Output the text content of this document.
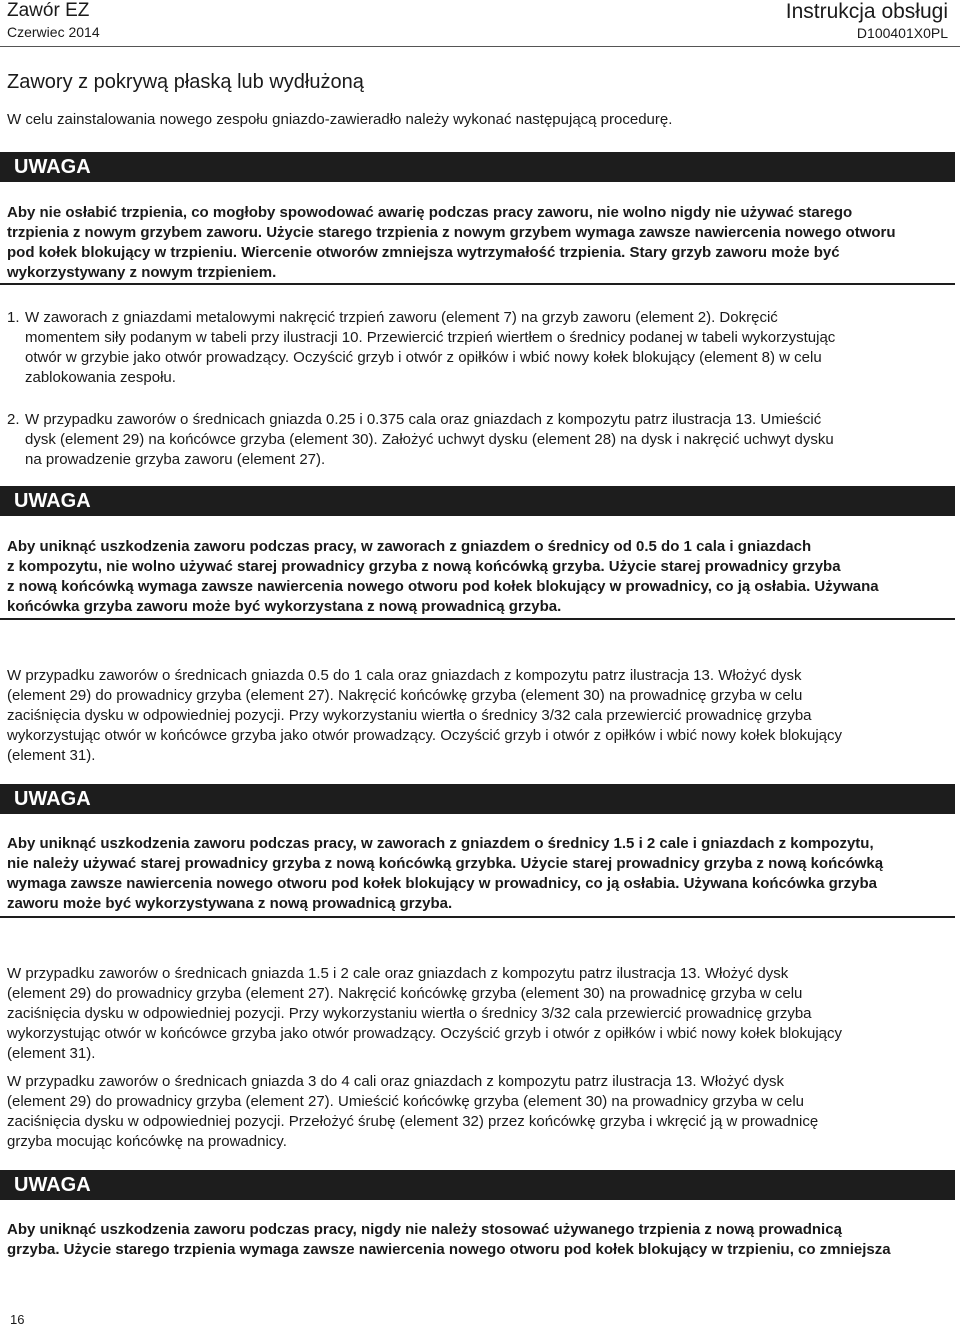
Zawór EZ
Czerwiec 2014
Instrukcja obsługi
D100401X0PL
Zawory z pokrywą płaską lub wydłużoną
W celu zainstalowania nowego zespołu gniazdo-zawieradło należy wykonać następującą procedurę.
UWAGA
Aby nie osłabić trzpienia, co mogłoby spowodować awarię podczas pracy zaworu, nie wolno nigdy nie używać starego
trzpienia z nowym grzybem zaworu. Użycie starego trzpienia z nowym grzybem wymaga zawsze nawiercenia nowego otworu
pod kołek blokujący w trzpieniu. Wiercenie otworów zmniejsza wytrzymałość trzpienia. Stary grzyb zaworu może być
wykorzystywany z nowym trzpieniem.
1. W zaworach z gniazdami metalowymi nakręcić trzpień zaworu (element 7) na grzyb zaworu (element 2). Dokręcić
momentem siły podanym w tabeli przy ilustracji 10. Przewiercić trzpień wiertłem o średnicy podanej w tabeli wykorzystując
otwór w grzybie jako otwór prowadzący. Oczyścić grzyb i otwór z opiłków i wbić nowy kołek blokujący (element 8) w celu
zablokowania zespołu.
2. W przypadku zaworów o średnicach gniazda 0.25 i 0.375 cala oraz gniazdach z kompozytu patrz ilustracja 13. Umieścić
dysk (element 29) na końcówce grzyba (element 30). Założyć uchwyt dysku (element 28) na dysk i nakręcić uchwyt dysku
na prowadzenie grzyba zaworu (element 27).
UWAGA
Aby uniknąć uszkodzenia zaworu podczas pracy, w zaworach z gniazdem o średnicy od 0.5 do 1 cala i gniazdach
z kompozytu, nie wolno używać starej prowadnicy grzyba z nową końcówką grzyba. Użycie starej prowadnicy grzyba
z nową końcówką wymaga zawsze nawiercenia nowego otworu pod kołek blokujący w prowadnicy, co ją osłabia. Używana
końcówka grzyba zaworu może być wykorzystana z nową prowadnicą grzyba.
W przypadku zaworów o średnicach gniazda 0.5 do 1 cala oraz gniazdach z kompozytu patrz ilustracja 13. Włożyć dysk
(element 29) do prowadnicy grzyba (element 27). Nakręcić końcówkę grzyba (element 30) na prowadnicę grzyba w celu
zaciśnięcia dysku w odpowiedniej pozycji. Przy wykorzystaniu wiertła o średnicy 3/32 cala przewiercić prowadnicę grzyba
wykorzystując otwór w końcówce grzyba jako otwór prowadzący. Oczyścić grzyb i otwór z opiłków i wbić nowy kołek blokujący
(element 31).
UWAGA
Aby uniknąć uszkodzenia zaworu podczas pracy, w zaworach z gniazdem o średnicy 1.5 i 2 cale i gniazdach z kompozytu,
nie należy używać starej prowadnicy grzyba z nową końcówką grzybka. Użycie starej prowadnicy grzyba z nową końcówką
wymaga zawsze nawiercenia nowego otworu pod kołek blokujący w prowadnicy, co ją osłabia. Używana końcówka grzyba
zaworu może być wykorzystywana z nową prowadnicą grzyba.
W przypadku zaworów o średnicach gniazda 1.5 i 2 cale oraz gniazdach z kompozytu patrz ilustracja 13. Włożyć dysk
(element 29) do prowadnicy grzyba (element 27). Nakręcić końcówkę grzyba (element 30) na prowadnicę grzyba w celu
zaciśnięcia dysku w odpowiedniej pozycji. Przy wykorzystaniu wiertła o średnicy 3/32 cala przewiercić prowadnicę grzyba
wykorzystując otwór w końcówce grzyba jako otwór prowadzący. Oczyścić grzyb i otwór z opiłków i wbić nowy kołek blokujący
(element 31).
W przypadku zaworów o średnicach gniazda 3 do 4 cali oraz gniazdach z kompozytu patrz ilustracja 13. Włożyć dysk
(element 29) do prowadnicy grzyba (element 27). Umieścić końcówkę grzyba (element 30) na prowadnicy grzyba w celu
zaciśnięcia dysku w odpowiedniej pozycji. Przełożyć śrubę (element 32) przez końcówkę grzyba i wkręcić ją w prowadnicę
grzyba mocując końcówkę na prowadnicy.
UWAGA
Aby uniknąć uszkodzenia zaworu podczas pracy, nigdy nie należy stosować używanego trzpienia z nową prowadnicą
grzyba. Użycie starego trzpienia wymaga zawsze nawiercenia nowego otworu pod kołek blokujący w trzpieniu, co zmniejsza
16
